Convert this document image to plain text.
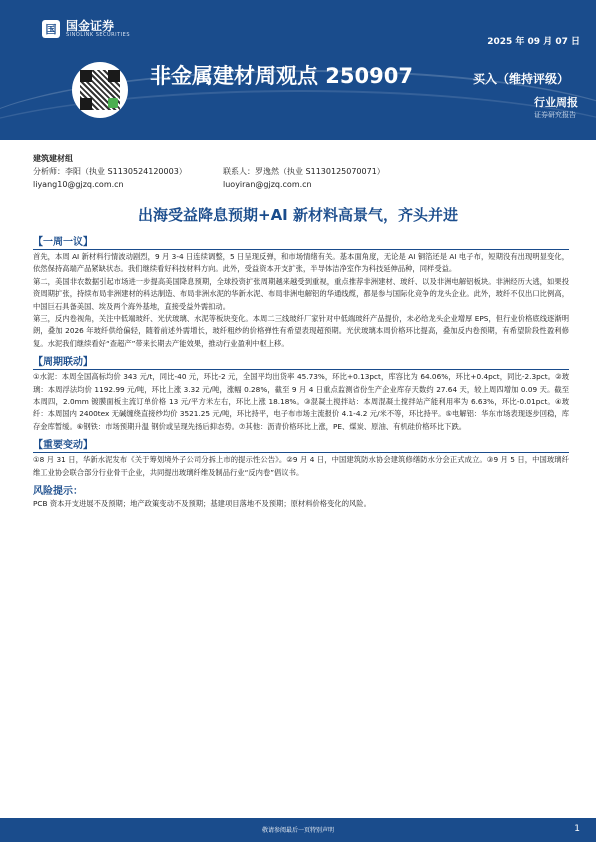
国 国金证券
SINOLINK SECURITIES
2025 年 09 月 07 日
非金属建材周观点 250907	买入（维持评级）
行业周报
证券研究报告
建筑建材组
分析师：李阳（执业 S1130524120003）	联系人：罗逸然（执业 S1130125070071）
liyang10@gjzq.com.cn	luoyiran@gjzq.com.cn
出海受益降息预期+AI 新材料高景气，齐头并进
【一周一议】

首先，本周 AI 新材料行情波动剧烈，9 月 3-4 日连续调整，5 日呈现反弹，和市场情绪有关。基本面角度，无论是 AI 铜箔还是 AI 电子布，短期没有出现明显变化，依然保持高端产品紧缺状态。我们继续看好科技材料方向。此外，受益资本开支扩张，半导体洁净室作为科技延伸品种，同样受益。

第二，美国非农数据引起市场进一步提高美国降息预期，全球投资扩张周期越来越受到重视，重点推荐非洲建材、玻纤、以及非洲电解铝板块。非洲经历大逃，如果投资周期扩张，持续布局非洲建材的科达制造、布局非洲水泥的华新水泥、布局非洲电解铝的华通线缆，都是参与国际化竞争的龙头企业。此外，玻纤不仅出口比例高，中国巨石具备美国、埃及两个海外基地，直接受益外需扣动。

第三，反内卷视角，关注中低端玻纤、光伏玻璃、水泥等板块变化。本周二三线玻纤厂家针对中低端玻纤产品提价，未必给龙头企业增厚 EPS，但行业价格底线逐渐明朗，叠加 2026 年玻纤供给偏轻，随着前述外需增长，玻纤粗纱的价格弹性有希望表现超预期。光伏玻璃本周价格环比提高，叠加反内卷预期，有希望阶段性盈利修复。水泥我们继续看好“查超产”带来长期去产能效果，推动行业盈利中枢上移。

【周期联动】

①水泥：本周全国高标均价 343 元/t，同比-40 元，环比-2 元，全国平均出货率 45.73%，环比+0.13pct，库容比为 64.06%，环比+0.4pct，同比-2.3pct。②玻璃：本周浮法均价 1192.99 元/吨，环比上涨 3.32 元/吨，涨幅 0.28%，截至 9 月 4 日重点监测省份生产企业库存天数约 27.64 天，较上周四增加 0.09 天。截至本周四，2.0mm 镀膜面板主流订单价格 13 元/平方米左右，环比上涨 18.18%。③混凝土搅拌站：本周混凝土搅拌站产能利用率为 6.63%，环比-0.01pct。④玻纤：本周国内 2400tex 无碱缠绕直接纱均价 3521.25 元/吨，环比持平，电子布市场主流报价 4.1-4.2 元/米不等，环比持平。⑤电解铝：华东市场表现逐步回稳，库存金库暂缓。⑥钢铁：市场预期升温 钢价或呈现先扬后抑态势。⑦其他：沥青价格环比上涨，PE、煤炭、原油、有机硅价格环比下跌。

【重要变动】

①8 月 31 日，华新水泥发布《关于筹划境外子公司分拆上市的提示性公告》。②9 月 4 日，中国建筑防水协会建筑修缮防水分会正式成立。③9 月 5 日，中国玻璃纤维工业协会联合部分行业骨干企业，共同提出玻璃纤维及制品行业“反内卷”倡议书。

风险提示：

PCB 资本开支进展不及预期；地产政策变动不及预期；基建项目落地不及预期；原材料价格变化的风险。

敬请参阅最后一页特别声明	1
